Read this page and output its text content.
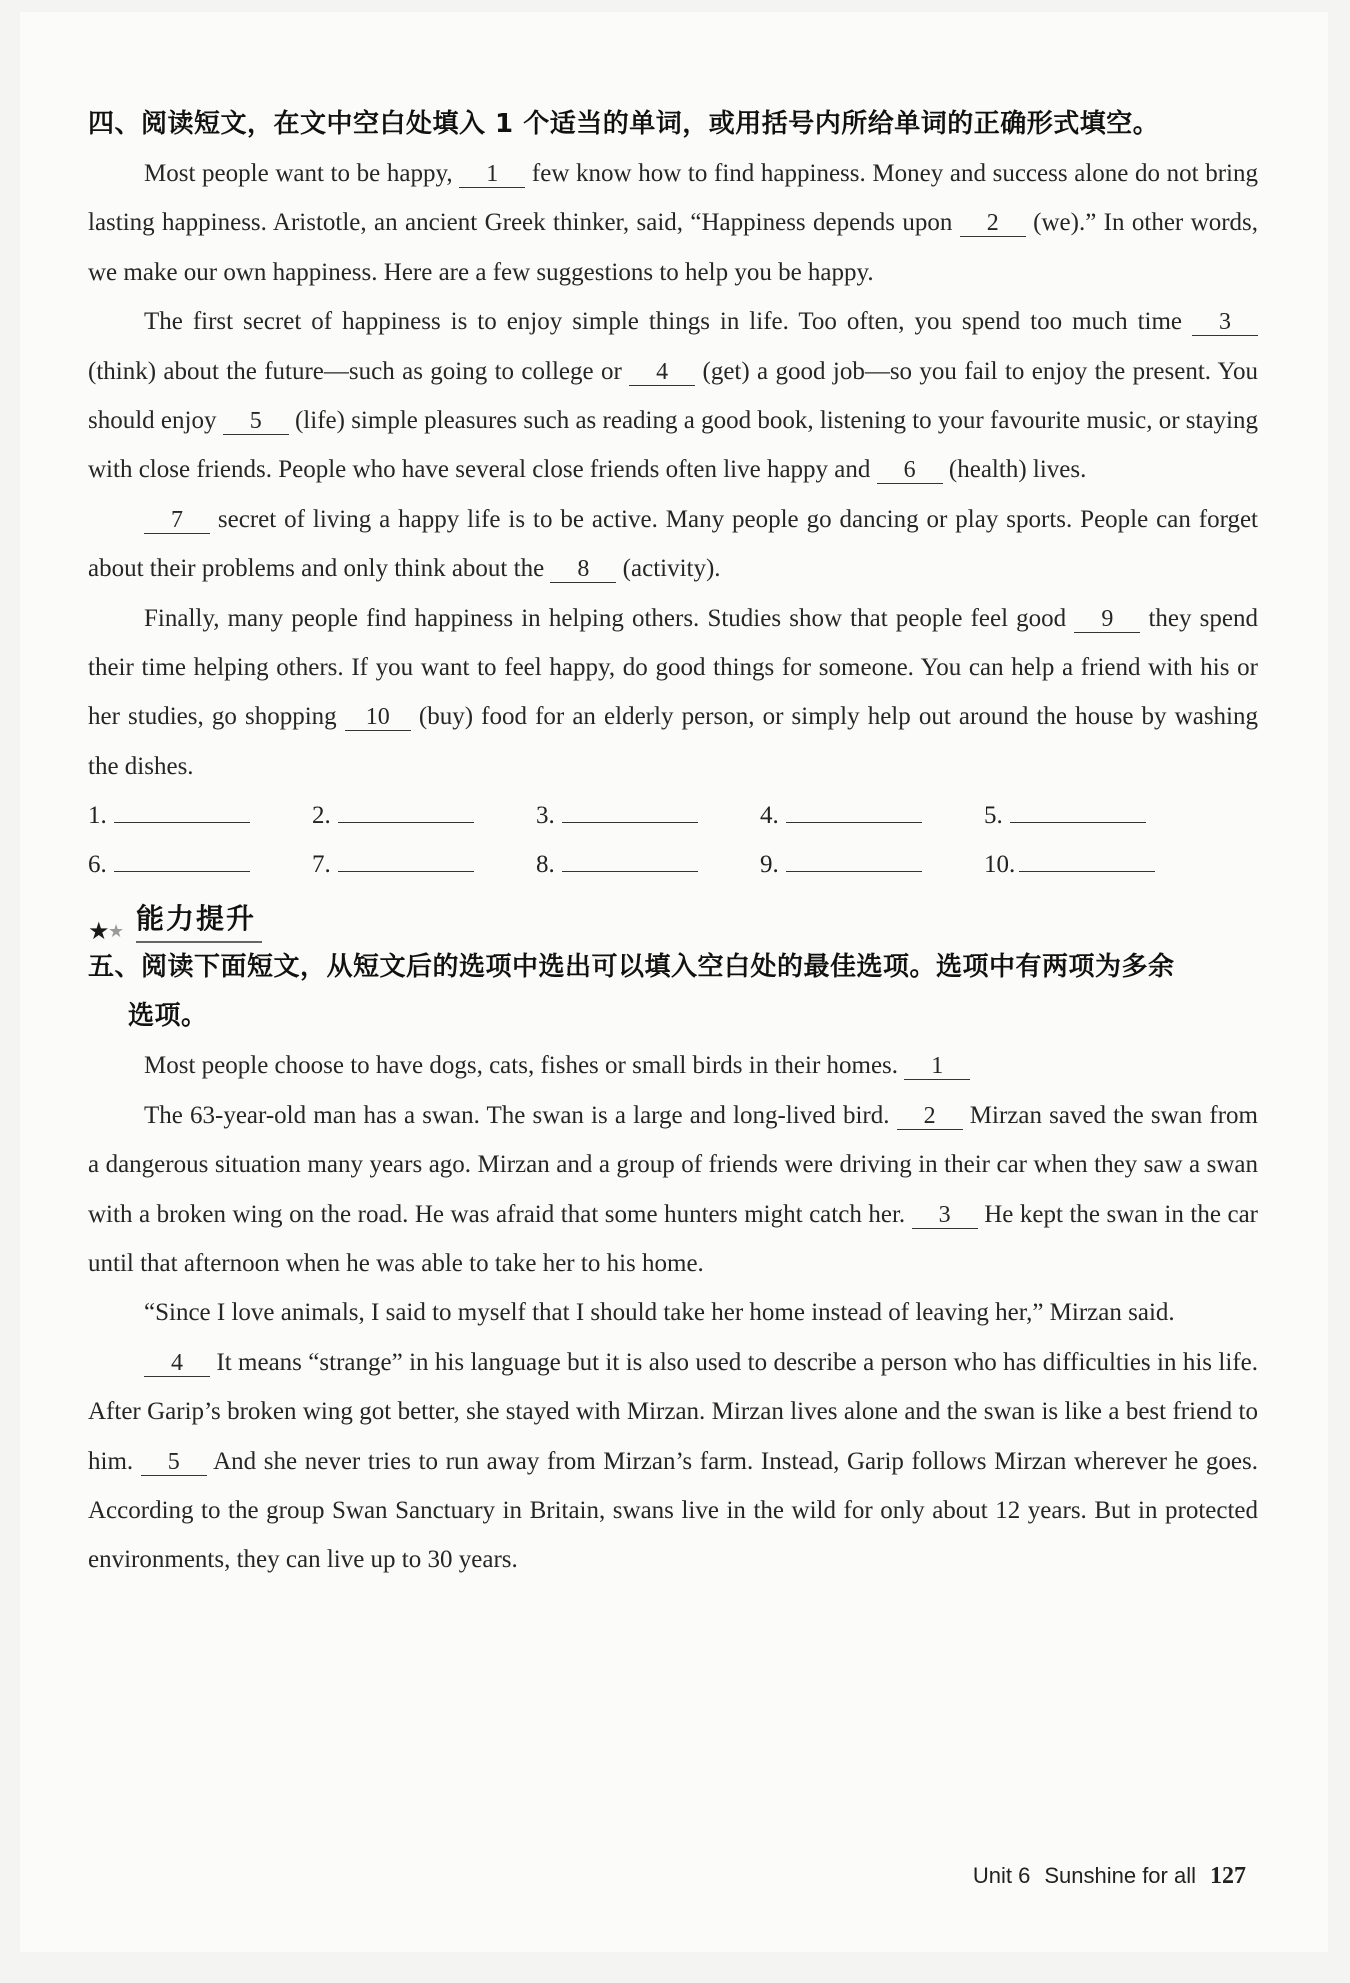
四、阅读短文，在文中空白处填入 1 个适当的单词，或用括号内所给单词的正确形式填空。

Most people want to be happy, 1 few know how to find happiness. Money and success alone do not bring lasting happiness. Aristotle, an ancient Greek thinker, said, “Happiness depends upon 2 (we).” In other words, we make our own happiness. Here are a few suggestions to help you be happy.

The first secret of happiness is to enjoy simple things in life. Too often, you spend too much time 3 (think) about the future—such as going to college or 4 (get) a good job—so you fail to enjoy the present. You should enjoy 5 (life) simple pleasures such as reading a good book, listening to your favourite music, or staying with close friends. People who have several close friends often live happy and 6 (health) lives.

7 secret of living a happy life is to be active. Many people go dancing or play sports. People can forget about their problems and only think about the 8 (activity).

Finally, many people find happiness in helping others. Studies show that people feel good 9 they spend their time helping others. If you want to feel happy, do good things for someone. You can help a friend with his or her studies, go shopping 10 (buy) food for an elderly person, or simply help out around the house by washing the dishes.

1.	2.	3.	4.	5.
6.	7.	8.	9.	10.
★
★ 能力提升
五、阅读下面短文，从短文后的选项中选出可以填入空白处的最佳选项。选项中有两项为多余
选项。

Most people choose to have dogs, cats, fishes or small birds in their homes. 1

The 63-year-old man has a swan. The swan is a large and long-lived bird. 2 Mirzan saved the swan from a dangerous situation many years ago. Mirzan and a group of friends were driving in their car when they saw a swan with a broken wing on the road. He was afraid that some hunters might catch her. 3 He kept the swan in the car until that afternoon when he was able to take her to his home.

“Since I love animals, I said to myself that I should take her home instead of leaving her,” Mirzan said.

4 It means “strange” in his language but it is also used to describe a person who has difficulties in his life. After Garip’s broken wing got better, she stayed with Mirzan. Mirzan lives alone and the swan is like a best friend to him. 5 And she never tries to run away from Mirzan’s farm. Instead, Garip follows Mirzan wherever he goes. According to the group Swan Sanctuary in Britain, swans live in the wild for only about 12 years. But in protected environments, they can live up to 30 years.

Unit 6 Sunshine for all 127
